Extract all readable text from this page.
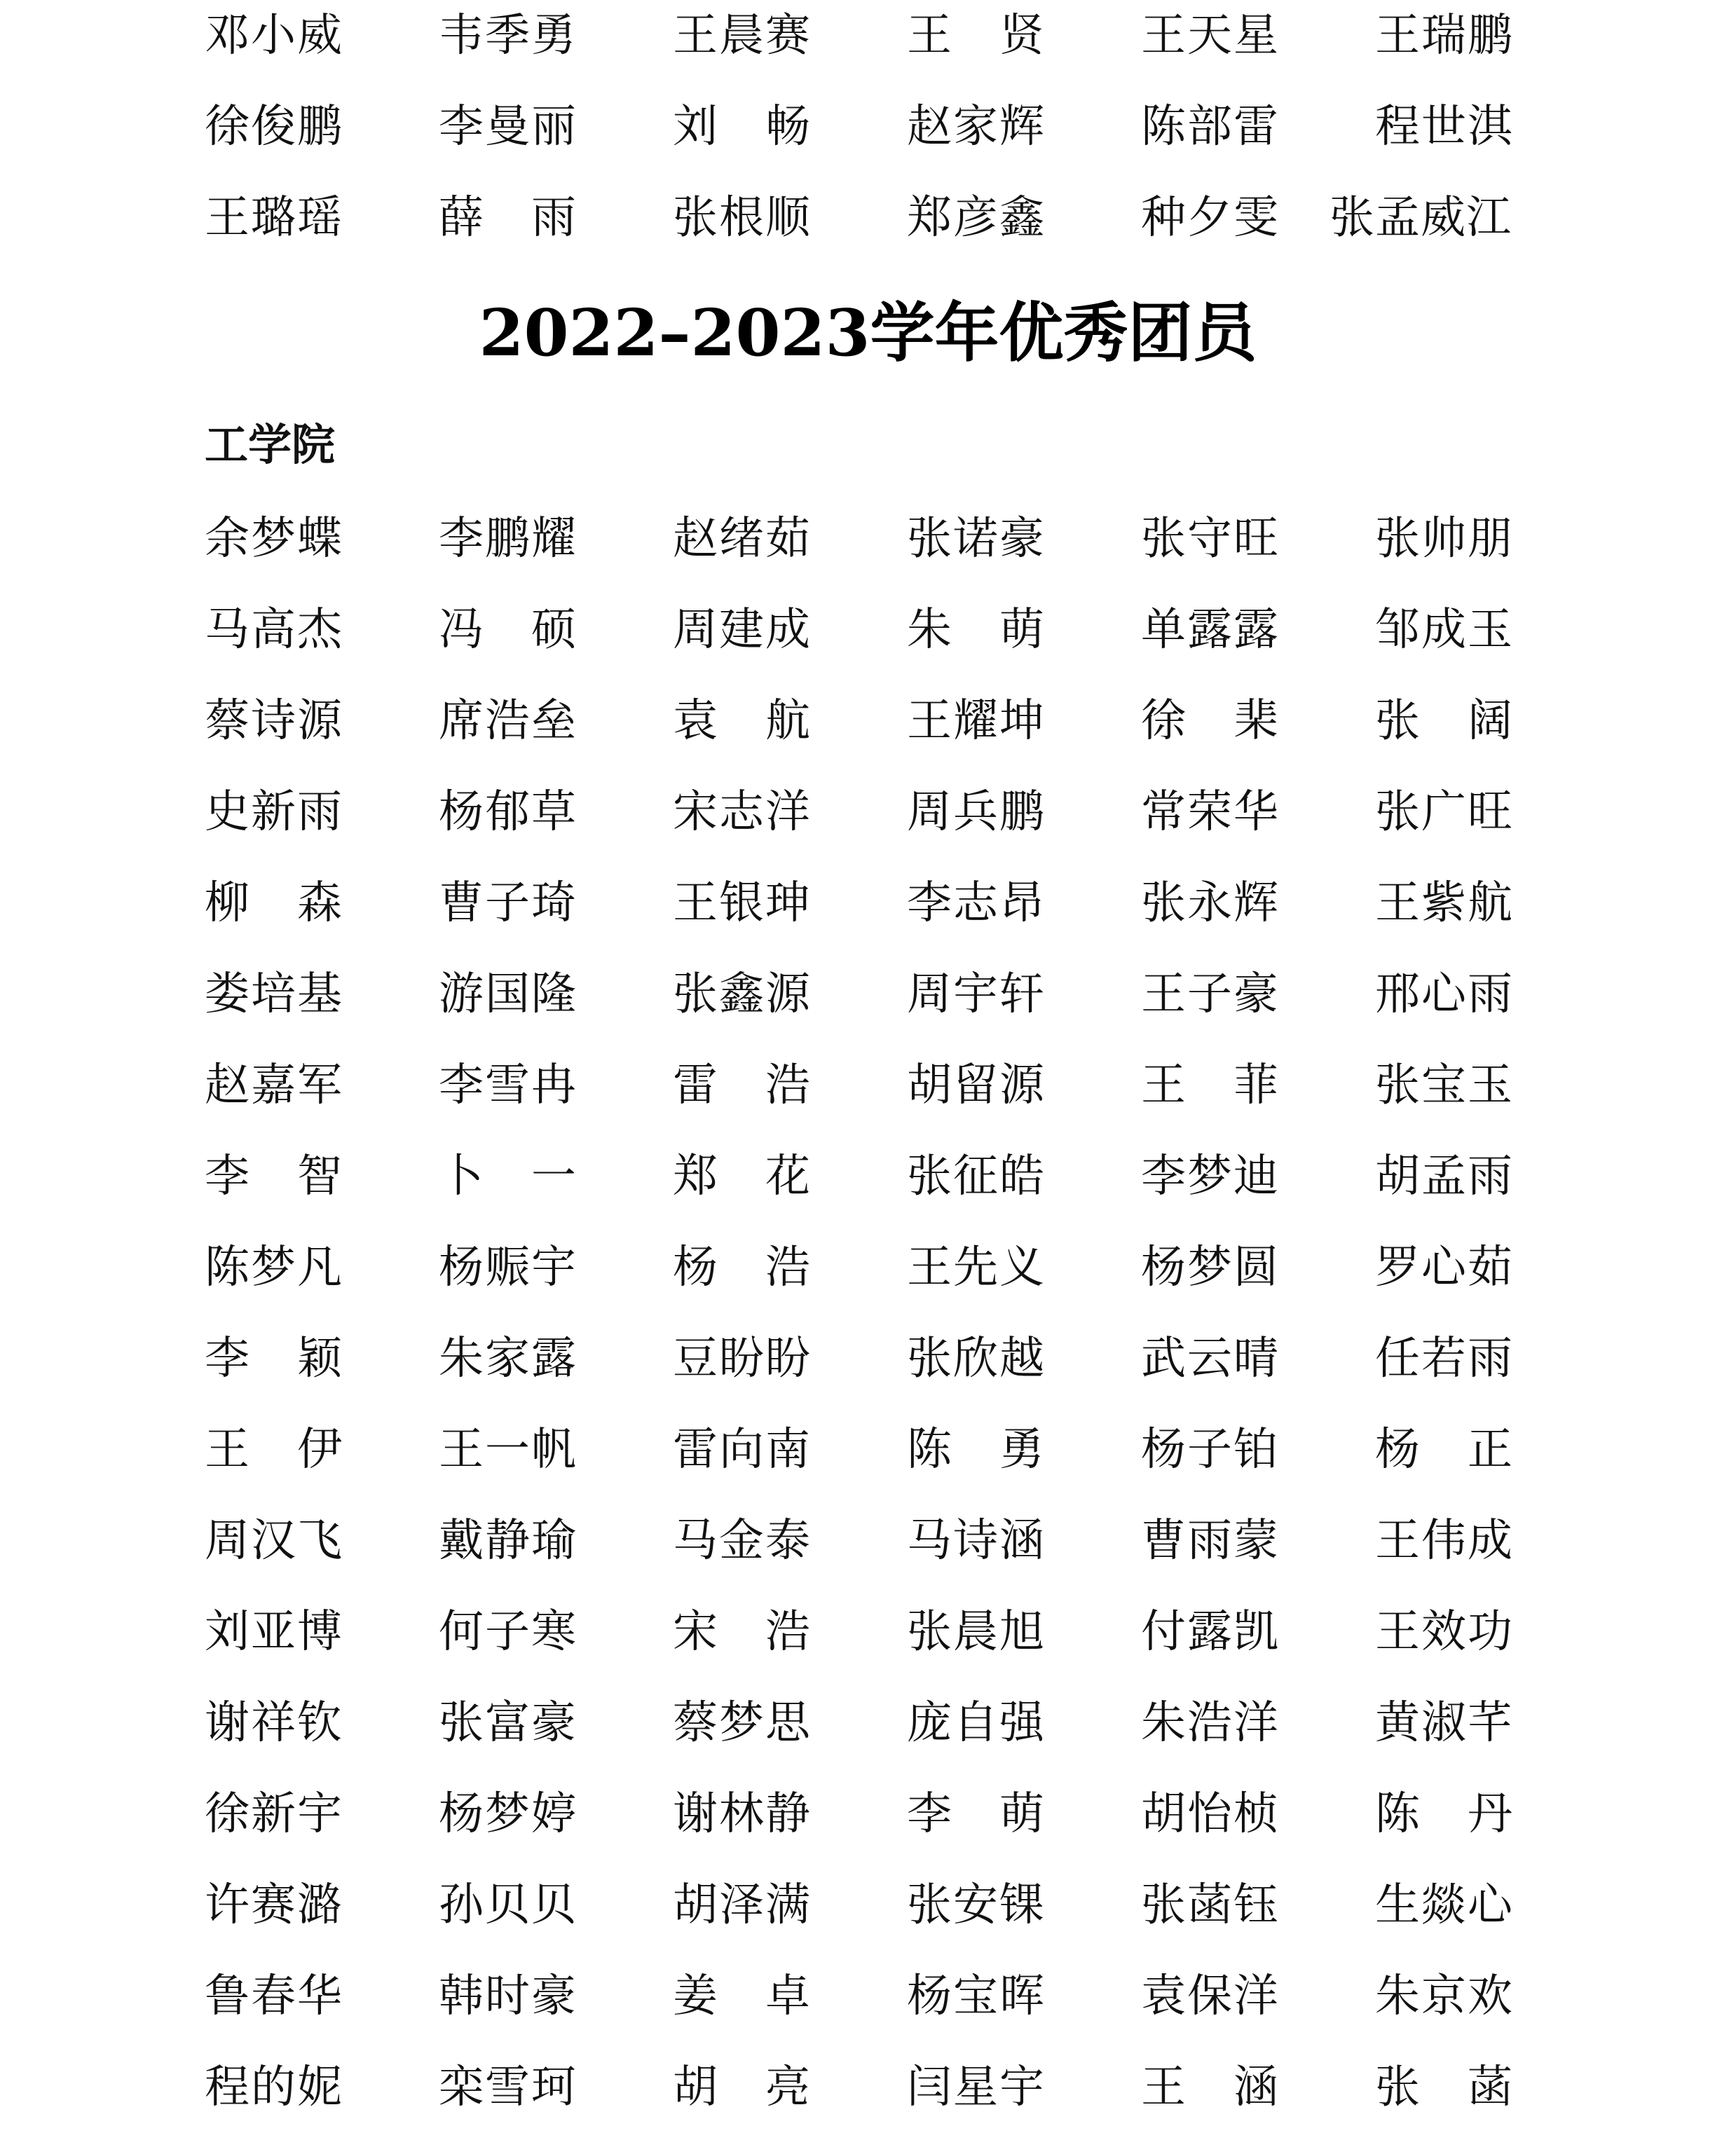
邓小威 韦季勇 王晨赛 王贤 王天星 王瑞鹏
徐俊鹏 李曼丽 刘畅 赵家辉 陈部雷 程世淇
王璐瑶 薛雨 张根顺 郑彦鑫 种夕雯 张孟威江
2022–2023学年优秀团员
工学院
余梦蝶 李鹏耀 赵绪茹 张诺豪 张守旺 张帅朋
马高杰 冯硕 周建成 朱萌 单露露 邹成玉
蔡诗源 席浩垒 袁航 王耀坤 徐棐 张阔
史新雨 杨郁草 宋志洋 周兵鹏 常荣华 张广旺
柳森 曹子琦 王银珅 李志昂 张永辉 王紫航
娄培基 游国隆 张鑫源 周宇轩 王子豪 邢心雨
赵嘉军 李雪冉 雷浩 胡留源 王菲 张宝玉
李智 卜一 郑花 张征皓 李梦迪 胡孟雨
陈梦凡 杨赈宇 杨浩 王先义 杨梦圆 罗心茹
李颖 朱家露 豆盼盼 张欣越 武云晴 任若雨
王伊 王一帆 雷向南 陈勇 杨子铂 杨正
周汉飞 戴静瑜 马金泰 马诗涵 曹雨蒙 王伟成
刘亚博 何子寒 宋浩 张晨旭 付露凯 王效功
谢祥钦 张富豪 蔡梦思 庞自强 朱浩洋 黄淑芊
徐新宇 杨梦婷 谢林静 李萌 胡怡桢 陈丹
许赛潞 孙贝贝 胡泽满 张安锞 张菡钰 生燚心
鲁春华 韩时豪 姜卓 杨宝晖 袁保洋 朱京欢
程的妮 栾雪珂 胡亮 闫星宇 王涵 张菡
